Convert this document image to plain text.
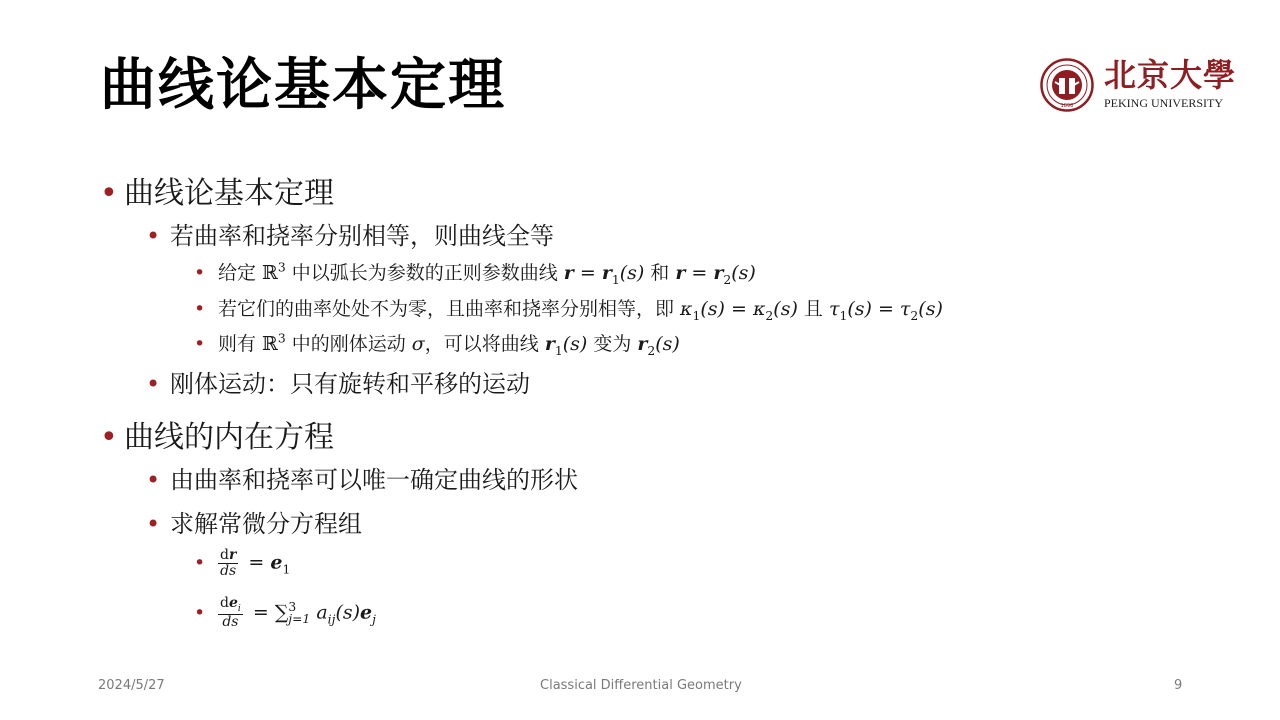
曲线论基本定理	1898
北京大學
PEKING UNIVERSITY
• 曲线论基本定理
• 若曲率和挠率分别相等，则曲线全等
• 给定 ℝ$^3$ 中以弧长为参数的正则参数曲线 $r = r_1(s)$ 和 $r = r_2(s)$
• 若它们的曲率处处不为零，且曲率和挠率分别相等，即 $\kappa_1(s) = \kappa_2(s)$ 且 $\tau_1(s) = \tau_2(s)$
• 则有 ℝ$^3$ 中的刚体运动 σ，可以将曲线 $r_1(s)$ 变为 $r_2(s)$
• 刚体运动：只有旋转和平移的运动
• 曲线的内在方程
• 由曲率和挠率可以唯一确定曲线的形状
• 求解常微分方程组
• $\frac{dr}{ds} = e_1$
• $\frac{de_i}{ds} = \sum^3_{j=1}$ $a_{ij}(s)e_j$
2024/5/27	Classical Differential Geometry	9
